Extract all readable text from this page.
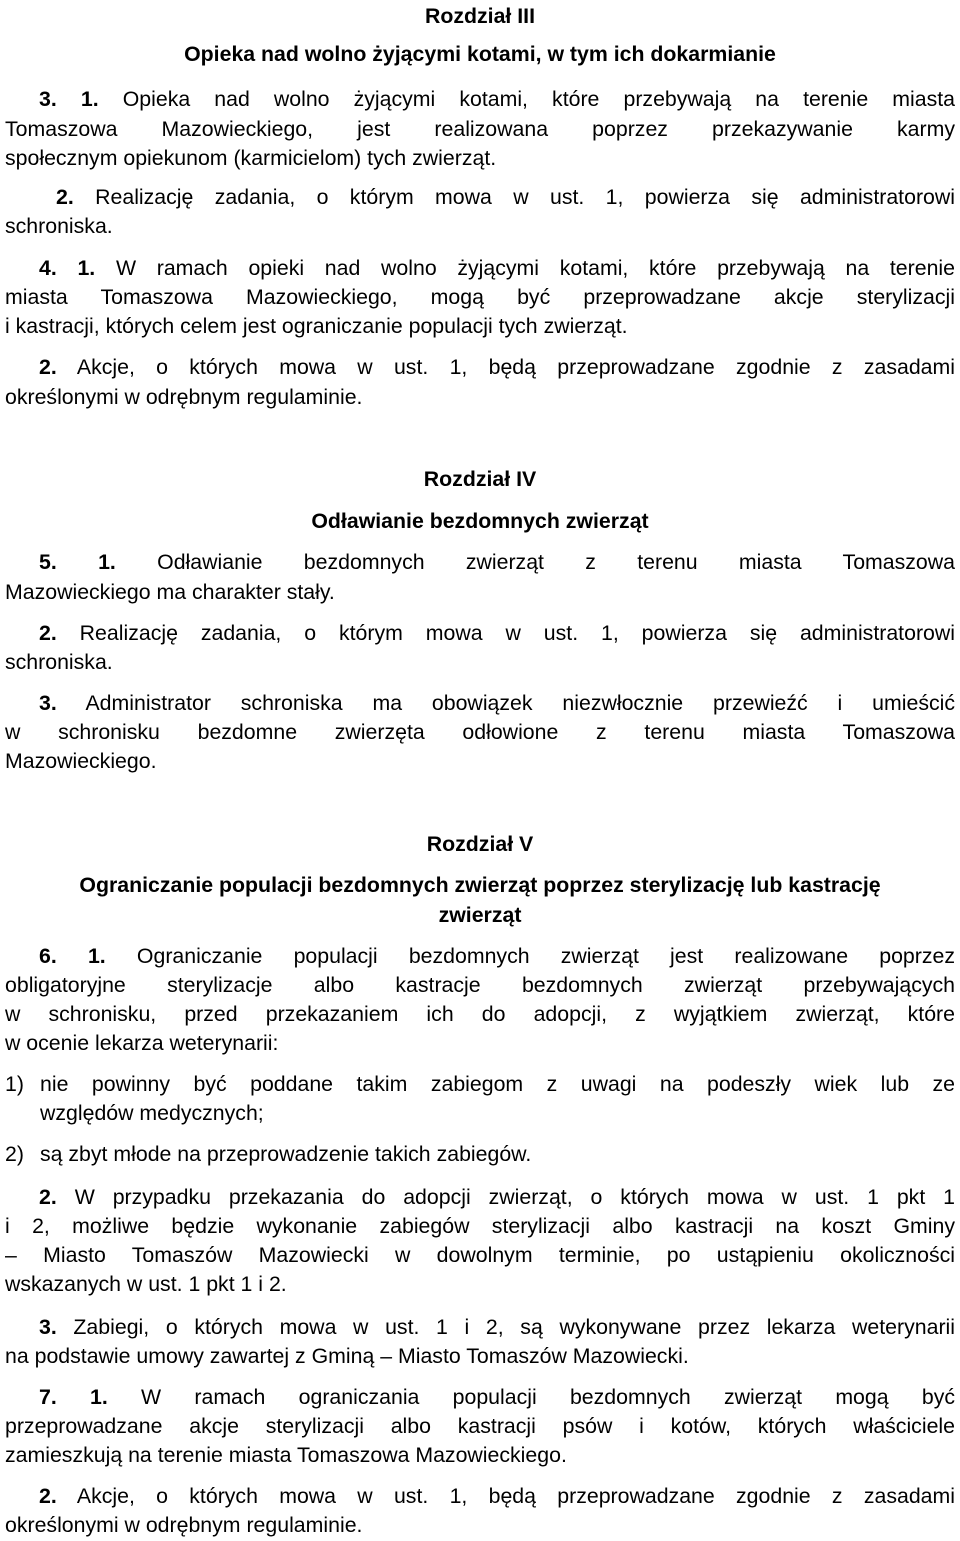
Rozdział III
Opieka nad wolno żyjącymi kotami, w tym ich dokarmianie
3. 1. Opieka nad wolno żyjącymi kotami, które przebywają na terenie miasta
Tomaszowa Mazowieckiego, jest realizowana poprzez przekazywanie karmy
społecznym opiekunom (karmicielom) tych zwierząt.
2. Realizację zadania, o którym mowa w ust. 1, powierza się administratorowi
schroniska.
4. 1. W ramach opieki nad wolno żyjącymi kotami, które przebywają na terenie
miasta Tomaszowa Mazowieckiego, mogą być przeprowadzane akcje sterylizacji
i kastracji, których celem jest ograniczanie populacji tych zwierząt.
2. Akcje, o których mowa w ust. 1, będą przeprowadzane zgodnie z zasadami
określonymi w odrębnym regulaminie.
Rozdział IV
Odławianie bezdomnych zwierząt
5. 1. Odławianie bezdomnych zwierząt z terenu miasta Tomaszowa
Mazowieckiego ma charakter stały.
2. Realizację zadania, o którym mowa w ust. 1, powierza się administratorowi
schroniska.
3. Administrator schroniska ma obowiązek niezwłocznie przewieźć i umieścić
w schronisku bezdomne zwierzęta odłowione z terenu miasta Tomaszowa
Mazowieckiego.
Rozdział V
Ograniczanie populacji bezdomnych zwierząt poprzez sterylizację lub kastrację
zwierząt
6. 1. Ograniczanie populacji bezdomnych zwierząt jest realizowane poprzez
obligatoryjne sterylizacje albo kastracje bezdomnych zwierząt przebywających
w schronisku, przed przekazaniem ich do adopcji, z wyjątkiem zwierząt, które
w ocenie lekarza weterynarii:
1) nie powinny być poddane takim zabiegom z uwagi na podeszły wiek lub ze
względów medycznych;
2) są zbyt młode na przeprowadzenie takich zabiegów.
2. W przypadku przekazania do adopcji zwierząt, o których mowa w ust. 1 pkt 1
i 2, możliwe będzie wykonanie zabiegów sterylizacji albo kastracji na koszt Gminy
– Miasto Tomaszów Mazowiecki w dowolnym terminie, po ustąpieniu okoliczności
wskazanych w ust. 1 pkt 1 i 2.
3. Zabiegi, o których mowa w ust. 1 i 2, są wykonywane przez lekarza weterynarii
na podstawie umowy zawartej z Gminą – Miasto Tomaszów Mazowiecki.
7. 1. W ramach ograniczania populacji bezdomnych zwierząt mogą być
przeprowadzane akcje sterylizacji albo kastracji psów i kotów, których właściciele
zamieszkują na terenie miasta Tomaszowa Mazowieckiego.
2. Akcje, o których mowa w ust. 1, będą przeprowadzane zgodnie z zasadami
określonymi w odrębnym regulaminie.
